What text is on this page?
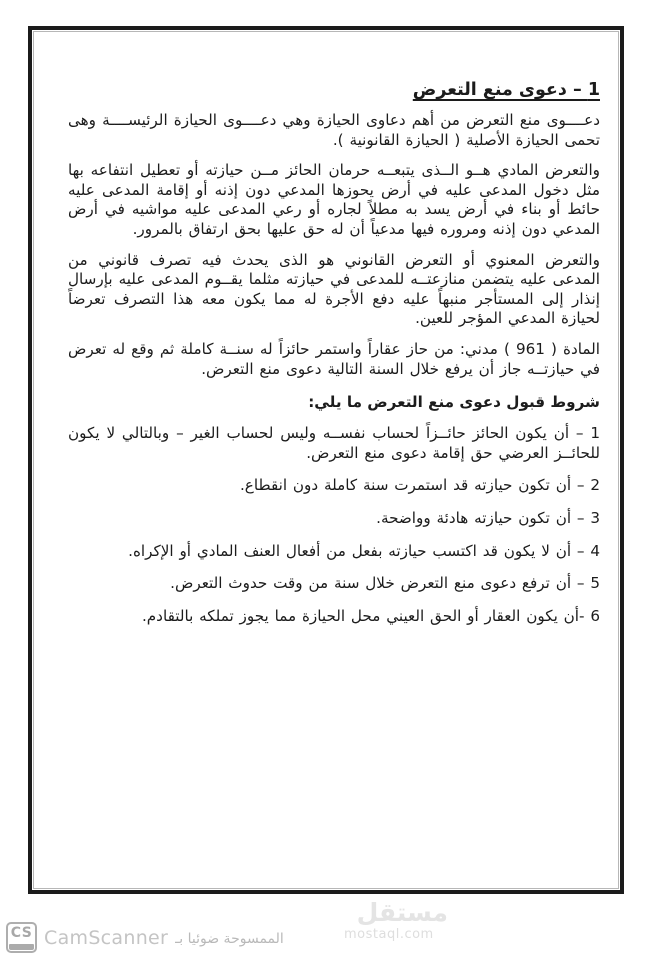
1 – دعوى منع التعرض

دعــــوى منع التعرض من أهم دعاوى الحيازة وهي دعــــوى الحيازة الرئيســــة وهى تحمى الحيازة الأصلية ( الحيازة القانونية ).

والتعرض المادي هــو الــذى يتبعــه حرمان الحائز مــن حيازته أو تعطيل انتفاعه بها مثل دخول المدعى عليه في أرض يحوزها المدعي دون إذنه أو إقامة المدعى عليه حائط أو بناء في أرض يسد به مطلاً لجاره أو رعي المدعى عليه مواشيه في أرض المدعي دون إذنه ومروره فيها مدعياً أن له حق عليها بحق ارتفاق بالمرور.

والتعرض المعنوي أو التعرض القانوني هو الذى يحدث فيه تصرف قانوني من المدعى عليه يتضمن منازعتــه للمدعى في حيازته مثلما يقــوم المدعى عليه بإرسال إنذار إلى المستأجر منبهاً عليه دفع الأجرة له مما يكون معه هذا التصرف تعرضاً لحيازة المدعي المؤجر للعين.

المادة ( 961 ) مدني: من حاز عقاراً واستمر حائزاً له سنــة كاملة ثم وقع له تعرض في حيازتــه جاز أن يرفع خلال السنة التالية دعوى منع التعرض.

شروط قبول دعوى منع التعرض ما يلي:
1 – أن يكون الحائز حائــزاً لحساب نفســه وليس لحساب الغير – وبالتالي لا يكون للحائــز العرضي حق إقامة دعوى منع التعرض.
2 – أن تكون حيازته قد استمرت سنة كاملة دون انقطاع.
3 – أن تكون حيازته هادئة وواضحة.
4 – أن لا يكون قد اكتسب حيازته بفعل من أفعال العنف المادي أو الإكراه.
5 – أن ترفع دعوى منع التعرض خلال سنة من وقت حدوث التعرض.
6 -أن يكون العقار أو الحق العيني محل الحيازة مما يجوز تملكه بالتقادم.
مستقل
mostaql.com
CS CamScanner الممسوحة ضوئيا بـ
